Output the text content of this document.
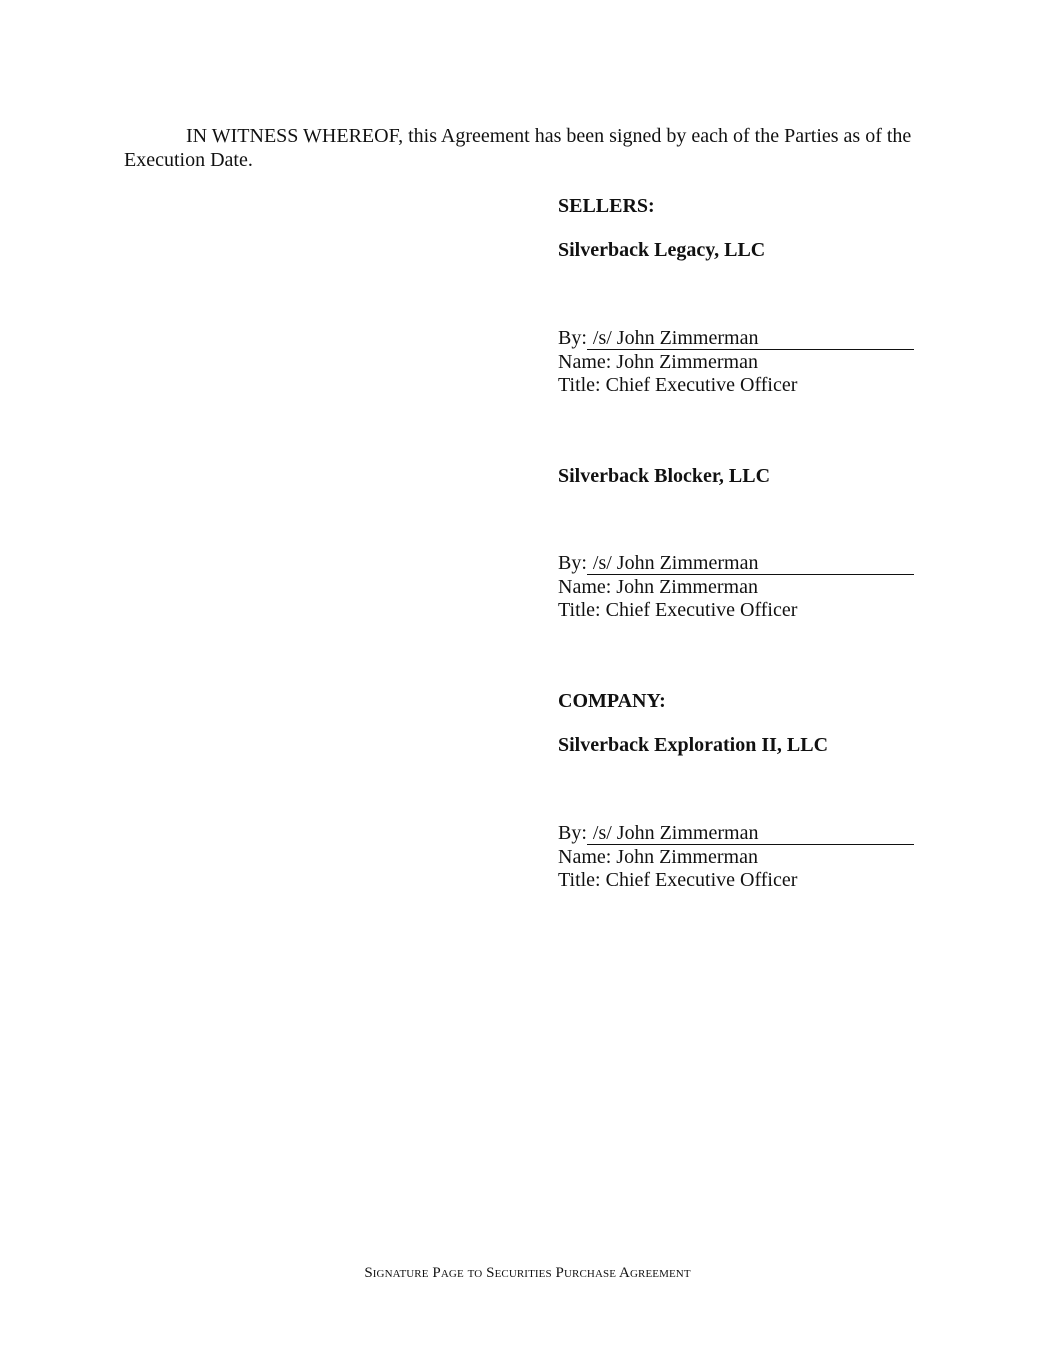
IN WITNESS WHEREOF, this Agreement has been signed by each of the Parties as of the Execution Date.

SELLERS:
Silverback Legacy, LLC
By: /s/ John Zimmerman
Name: John Zimmerman
Title: Chief Executive Officer
Silverback Blocker, LLC
By: /s/ John Zimmerman
Name: John Zimmerman
Title: Chief Executive Officer
COMPANY:
Silverback Exploration II, LLC
By: /s/ John Zimmerman
Name: John Zimmerman
Title: Chief Executive Officer
Signature Page to Securities Purchase Agreement
